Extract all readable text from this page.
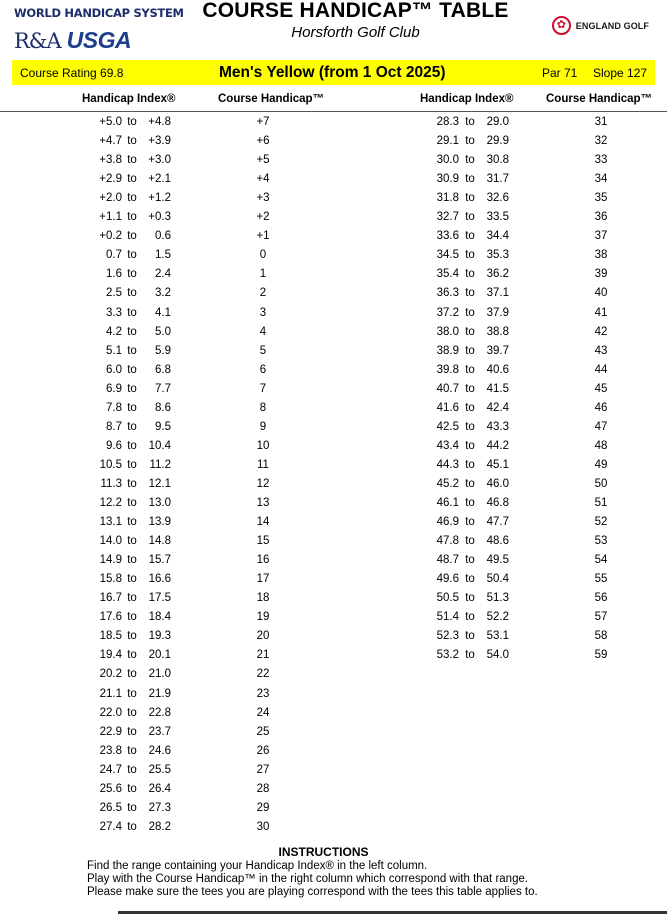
WORLD HANDICAP SYSTEM
R&A USGA
COURSE HANDICAP™ TABLE
Horsforth Golf Club	✿	ENGLAND GOLF
Course Rating 69.8	Men's Yellow (from 1 Oct 2025)	Par 71 Slope 127
Handicap Index®	Course Handicap™	Handicap Index®	Course Handicap™
+5.0 to	+4.8	+7
+4.7 to	+3.9	+6
+3.8 to	+3.0	+5
+2.9 to	+2.1	+4
+2.0 to	+1.2	+3
+1.1 to	+0.3	+2
+0.2 to	0.6	+1
0.7 to	1.5	0
1.6 to	2.4	1
2.5 to	3.2	2
3.3 to	4.1	3
4.2 to	5.0	4
5.1 to	5.9	5
6.0 to	6.8	6
6.9 to	7.7	7
7.8 to	8.6	8
8.7 to	9.5	9
9.6 to	10.4	10
10.5 to	11.2	11
11.3 to	12.1	12
12.2 to	13.0	13
13.1 to	13.9	14
14.0 to	14.8	15
14.9 to	15.7	16
15.8 to	16.6	17
16.7 to	17.5	18
17.6 to	18.4	19
18.5 to	19.3	20
19.4 to	20.1	21
20.2 to	21.0	22
21.1 to	21.9	23
22.0 to	22.8	24
22.9 to	23.7	25
23.8 to	24.6	26
24.7 to	25.5	27
25.6 to	26.4	28
26.5 to	27.3	29
27.4 to	28.2	30
28.3 to	29.0	31
29.1 to	29.9	32
30.0 to	30.8	33
30.9 to	31.7	34
31.8 to	32.6	35
32.7 to	33.5	36
33.6 to	34.4	37
34.5 to	35.3	38
35.4 to	36.2	39
36.3 to	37.1	40
37.2 to	37.9	41
38.0 to	38.8	42
38.9 to	39.7	43
39.8 to	40.6	44
40.7 to	41.5	45
41.6 to	42.4	46
42.5 to	43.3	47
43.4 to	44.2	48
44.3 to	45.1	49
45.2 to	46.0	50
46.1 to	46.8	51
46.9 to	47.7	52
47.8 to	48.6	53
48.7 to	49.5	54
49.6 to	50.4	55
50.5 to	51.3	56
51.4 to	52.2	57
52.3 to	53.1	58
53.2 to	54.0	59
INSTRUCTIONS
Find the range containing your Handicap Index® in the left column.
Play with the Course Handicap™ in the right column which correspond with that range.
Please make sure the tees you are playing correspond with the tees this table applies to.
